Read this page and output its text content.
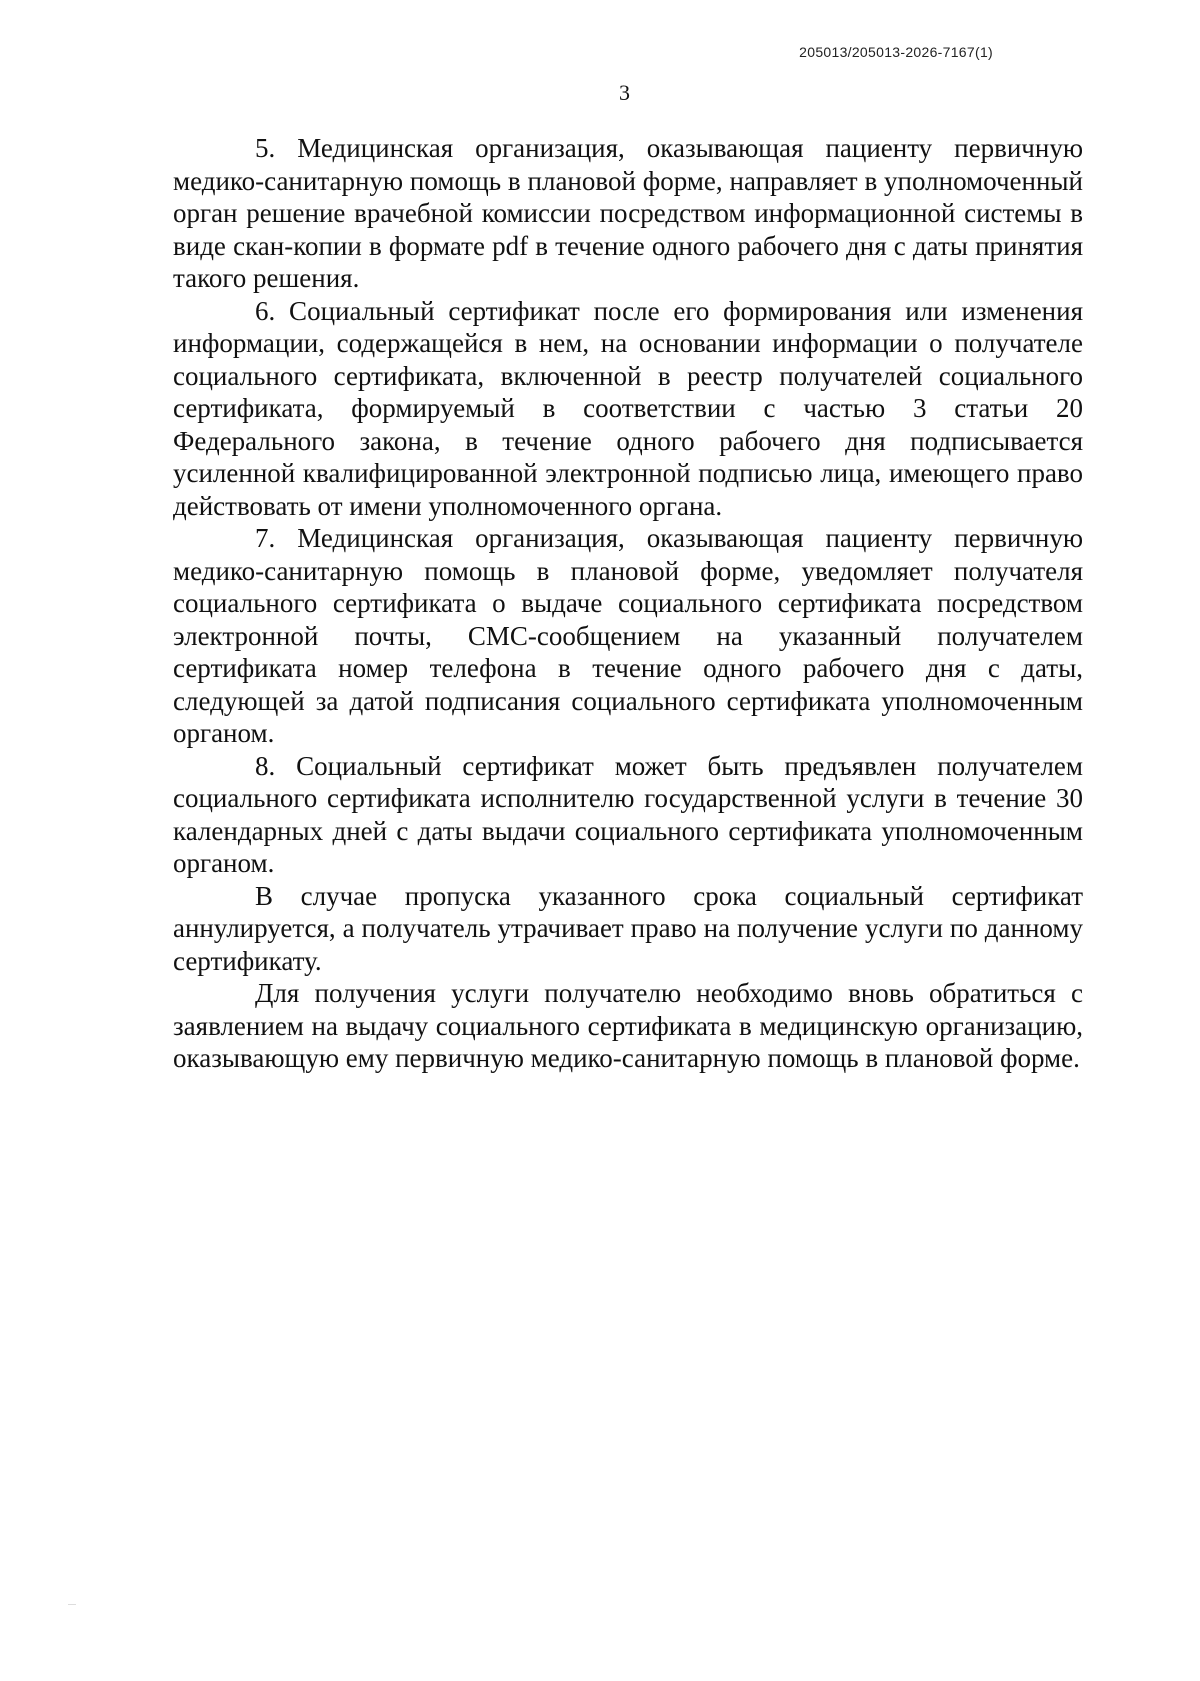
205013/205013-2026-7167(1)
3

5. Медицинская организация, оказывающая пациенту первичную медико-санитарную помощь в плановой форме, направляет в уполномоченный орган решение врачебной комиссии посредством информационной системы в виде скан-копии в формате pdf в течение одного рабочего дня с даты принятия такого решения.

6. Социальный сертификат после его формирования или изменения информации, содержащейся в нем, на основании информации о получателе социального сертификата, включенной в реестр получателей социального сертификата, формируемый в соответствии с частью 3 статьи 20 Федерального закона, в течение одного рабочего дня подписывается усиленной квалифицированной электронной подписью лица, имеющего право действовать от имени уполномоченного органа.

7. Медицинская организация, оказывающая пациенту первичную медико-санитарную помощь в плановой форме, уведомляет получателя социального сертификата о выдаче социального сертификата посредством электронной почты, СМС-сообщением на указанный получателем сертификата номер телефона в течение одного рабочего дня с даты, следующей за датой подписания социального сертификата уполномоченным органом.

8. Социальный сертификат может быть предъявлен получателем социального сертификата исполнителю государственной услуги в течение 30 календарных дней с даты выдачи социального сертификата уполномоченным органом.

В случае пропуска указанного срока социальный сертификат аннулируется, а получатель утрачивает право на получение услуги по данному сертификату.

Для получения услуги получателю необходимо вновь обратиться с заявлением на выдачу социального сертификата в медицинскую организацию, оказывающую ему первичную медико-санитарную помощь в плановой форме.
